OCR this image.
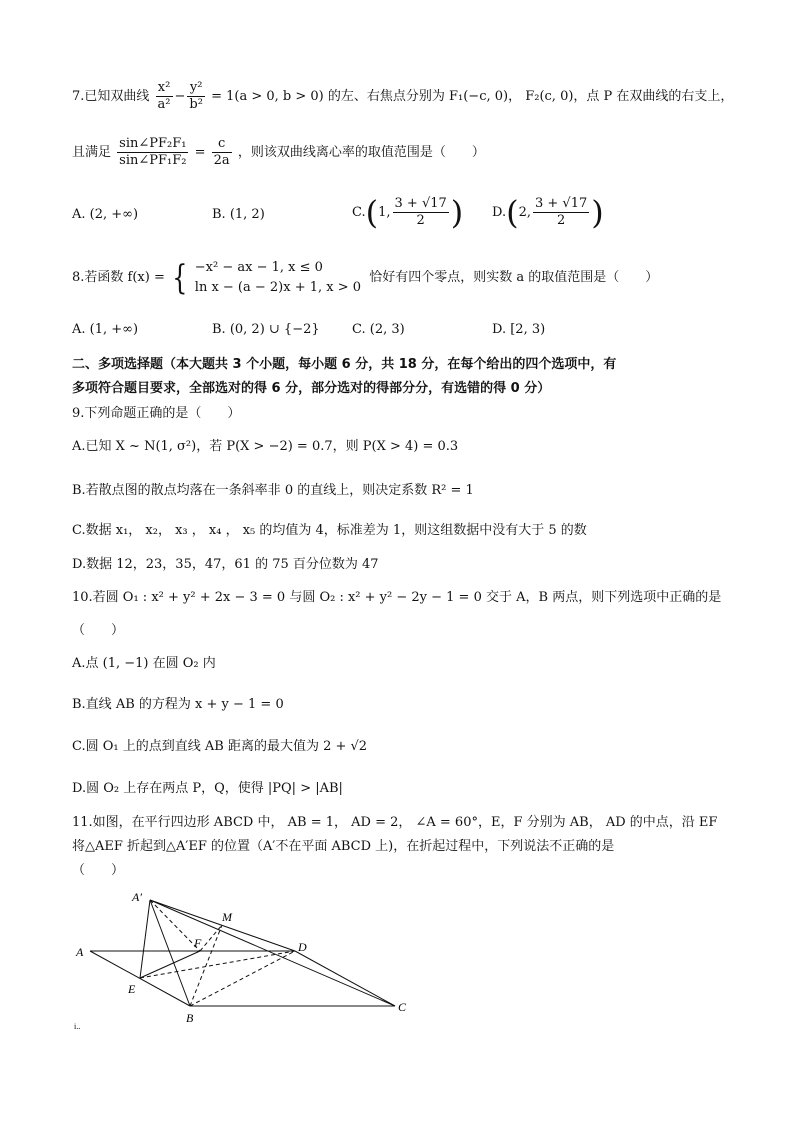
7.已知双曲线 $\frac{\text{x²}}{\text{a²}} - \frac{\text{y²}}{\text{b²}} = 1(a > 0$, b > 0) 的左、右焦点分别为 F₁(−c, 0)， F₂(c, 0)，点 P 在双曲线的右支上，
且满足 $\frac{\text{sin∠PF₂F₁}}{\text{sin∠PF₁F₂}} = \frac{c}{2a}$ ，则该双曲线离心率的取值范围是（　　）
A. (2, +∞)	B. (1, 2)	C.(1, $\frac{3 + √17}{2}$ ) D.(2, $\frac{3 + √17}{2}$ )
8.若函数 f(x) = { −x² − ax − 1, x ≤ 0
ln x − (a − 2)x + 1, x > 0
恰好有四个零点，则实数 a 的取值范围是（　　）
A. (1, +∞)	B. (0, 2) ∪ {−2} C. (2, 3)	D. [2, 3)
二、多项选择题（本大题共 3 个小题，每小题 6 分，共 18 分，在每个给出的四个选项中，有
多项符合题目要求，全部选对的得 6 分，部分选对的得部分分，有选错的得 0 分）
9.下列命题正确的是（　　）
A.已知 X ~ N(1, σ²)，若 P(X > −2) = 0.7，则 P(X > 4) = 0.3
B.若散点图的散点均落在一条斜率非 0 的直线上，则决定系数 R² = 1
C.数据 x₁， x₂， x₃ ， x₄ ， x₅ 的均值为 4，标准差为 1，则这组数据中没有大于 5 的数
D.数据 12，23，35，47，61 的 75 百分位数为 47
10.若圆 O₁ : x² + y² + 2x − 3 = 0 与圆 O₂ : x² + y² − 2y − 1 = 0 交于 A，B 两点，则下列选项中正确的是
（　　）
A.点 (1, −1) 在圆 O₂ 内
B.直线 AB 的方程为 x + y − 1 = 0
C.圆 O₁ 上的点到直线 AB 距离的最大值为 2 + √2
D.圆 O₂ 上存在两点 P，Q，使得 |PQ| > |AB|
11.如图，在平行四边形 ABCD 中， AB = 1， AD = 2， ∠A = 60°，E，F 分别为 AB， AD 的中点，沿 EF
将△AEF 折起到△A′EF 的位置（A′不在平面 ABCD 上)，在折起过程中，下列说法不正确的是
（　　）
A′
M
F	D
A
E
B
C
i..
